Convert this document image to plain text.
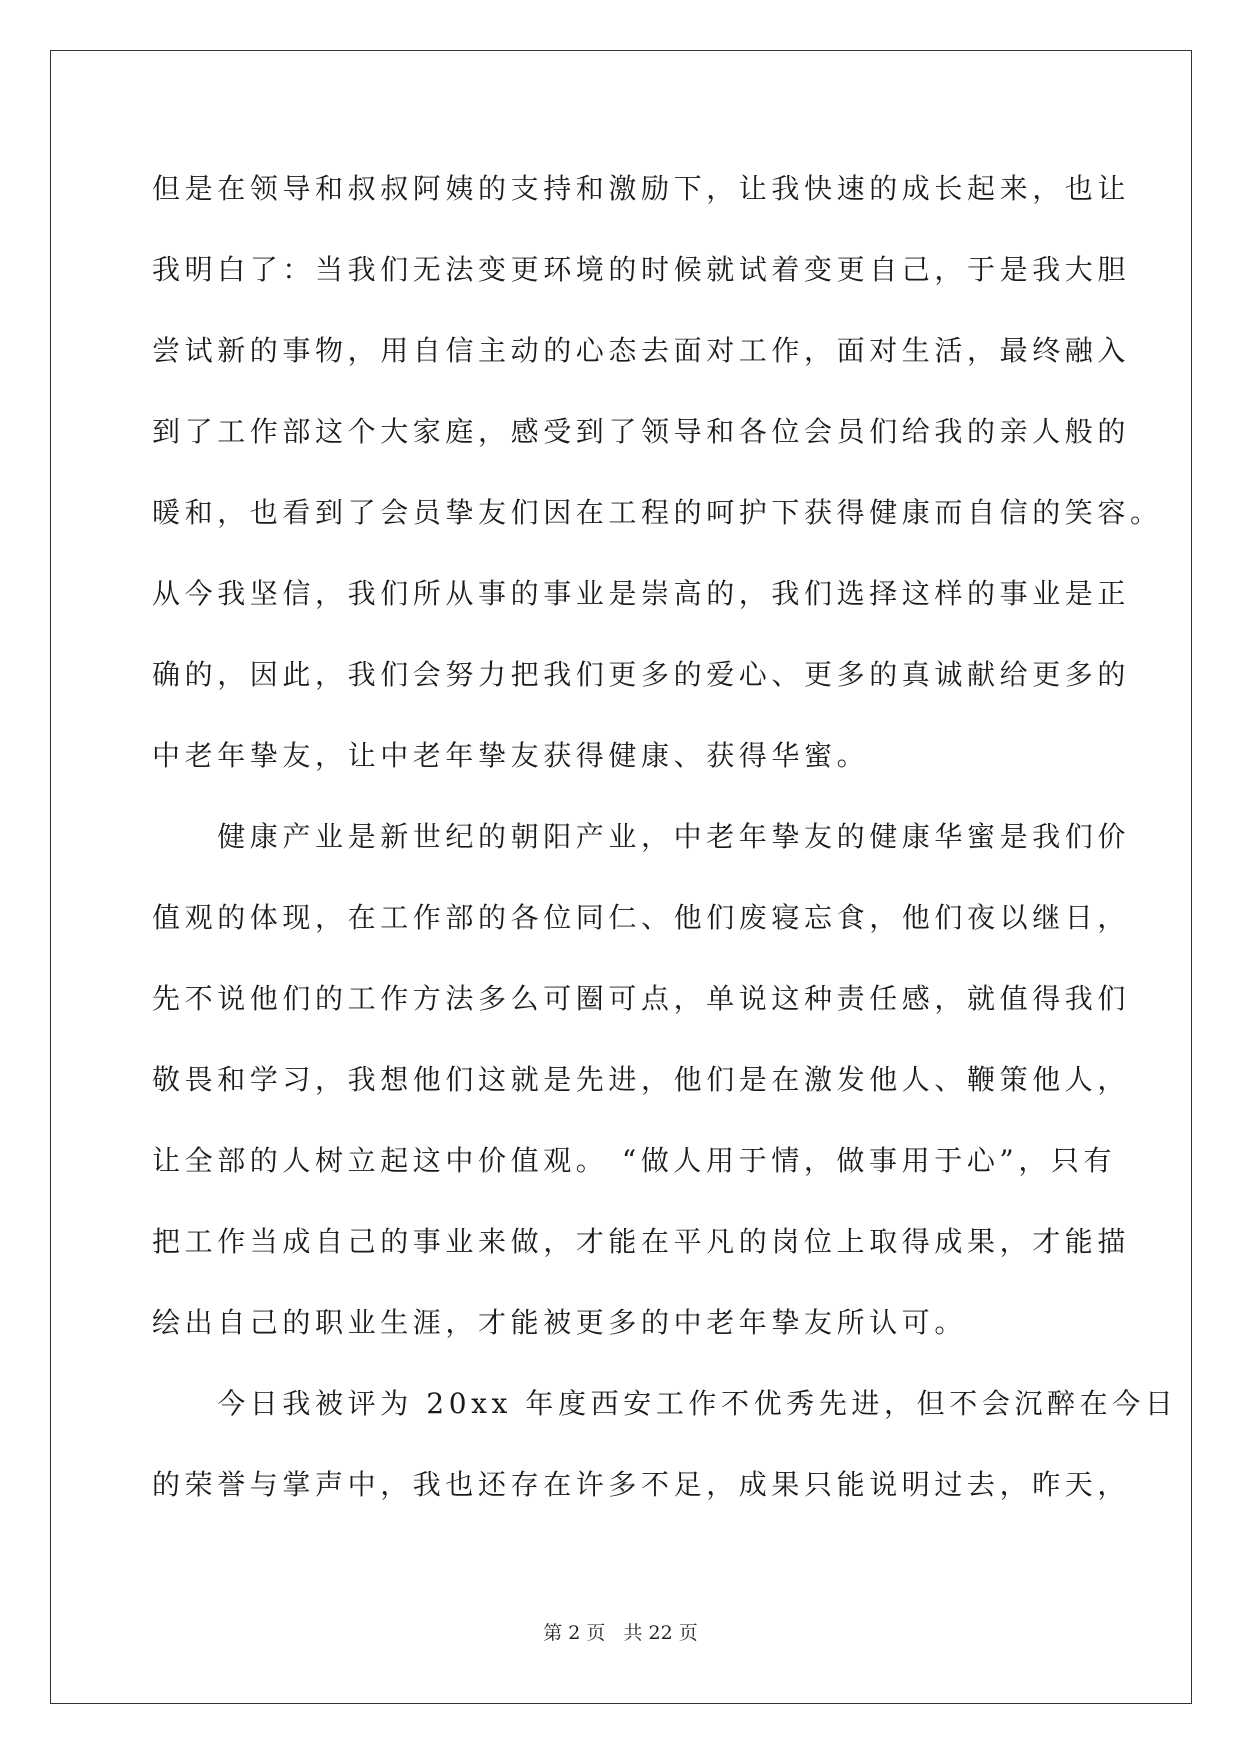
但是在领导和叔叔阿姨的支持和激励下，让我快速的成长起来，也让
我明白了：当我们无法变更环境的时候就试着变更自己，于是我大胆
尝试新的事物，用自信主动的心态去面对工作，面对生活，最终融入
到了工作部这个大家庭，感受到了领导和各位会员们给我的亲人般的
暖和，也看到了会员挚友们因在工程的呵护下获得健康而自信的笑容。
从今我坚信，我们所从事的事业是崇高的，我们选择这样的事业是正
确的，因此，我们会努力把我们更多的爱心、更多的真诚献给更多的
中老年挚友，让中老年挚友获得健康、获得华蜜。
　　健康产业是新世纪的朝阳产业，中老年挚友的健康华蜜是我们价
值观的体现，在工作部的各位同仁、他们废寝忘食，他们夜以继日，
先不说他们的工作方法多么可圈可点，单说这种责任感，就值得我们
敬畏和学习，我想他们这就是先进，他们是在激发他人、鞭策他人，
让全部的人树立起这中价值观。 “做人用于情，做事用于心”，只有
把工作当成自己的事业来做，才能在平凡的岗位上取得成果，才能描
绘出自己的职业生涯，才能被更多的中老年挚友所认可。
　　今日我被评为 20xx 年度西安工作不优秀先进，但不会沉醉在今日
的荣誉与掌声中，我也还存在许多不足，成果只能说明过去，昨天，
第 2 页 共 22 页
